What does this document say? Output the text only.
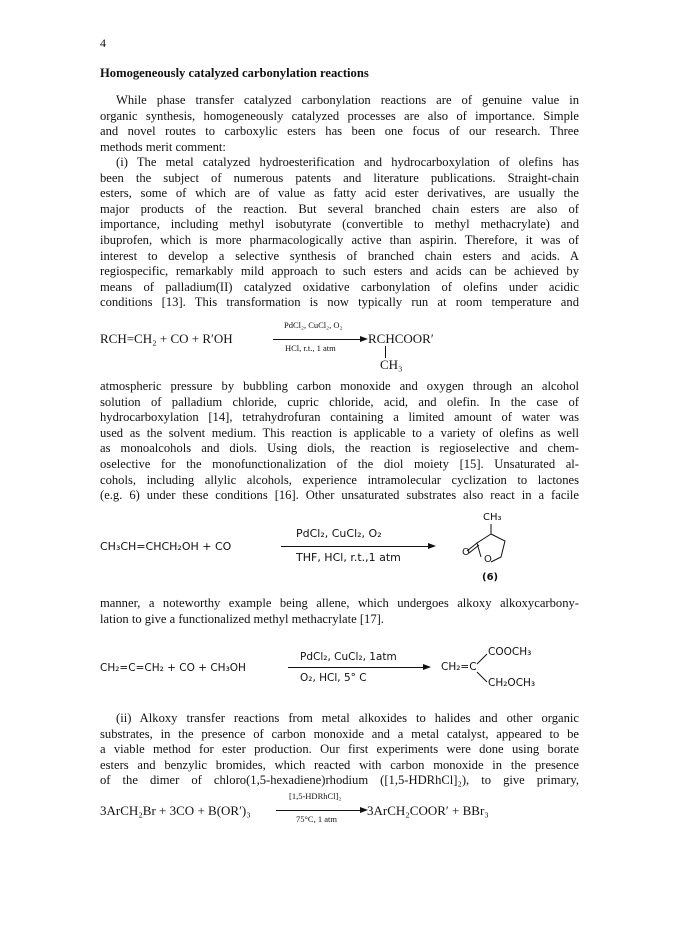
4
Homogeneously catalyzed carbonylation reactions
While phase transfer catalyzed carbonylation reactions are of genuine value in
organic synthesis, homogeneously catalyzed processes are also of importance. Simple
and novel routes to carboxylic esters has been one focus of our research. Three
methods merit comment:
(i) The metal catalyzed hydroesterification and hydrocarboxylation of olefins has
been the subject of numerous patents and literature publications. Straight-chain
esters, some of which are of value as fatty acid ester derivatives, are usually the
major products of the reaction. But several branched chain esters are also of
importance, including methyl isobutyrate (convertible to methyl methacrylate) and
ibuprofen, which is more pharmacologically active than aspirin. Therefore, it was of
interest to develop a selective synthesis of branched chain esters and acids. A
regiospecific, remarkably mild approach to such esters and acids can be achieved by
means of palladium(II) catalyzed oxidative carbonylation of olefins under acidic
conditions [13]. This transformation is now typically run at room temperature and
RCH=CH₂ + CO + R′OH
PdCl₂, CuCl₂, O₂
HCl, r.t., 1 atm
RCHCOOR′
CH₃
atmospheric pressure by bubbling carbon monoxide and oxygen through an alcohol
solution of palladium chloride, cupric chloride, acid, and olefin. In the case of
hydrocarboxylation [14], tetrahydrofuran containing a limited amount of water was
used as the solvent medium. This reaction is applicable to a variety of olefins as well
as monoalcohols and diols. Using diols, the reaction is regioselective and chem-
oselective for the monofunctionalization of the diol moiety [15]. Unsaturated al-
cohols, including allylic alcohols, experience intramolecular cyclization to lactones
(e.g. 6) under these conditions [16]. Other unsaturated substrates also react in a facile
CH₃CH=CHCH₂OH + CO
PdCl₂, CuCl₂, O₂
THF, HCl, r.t.,1 atm
CH₃
O
O
(6)
manner, a noteworthy example being allene, which undergoes alkoxy alkoxycarbony-
lation to give a functionalized methyl methacrylate [17].
CH₂=C=CH₂ + CO + CH₃OH
PdCl₂, CuCl₂, 1atm
O₂, HCl, 5° C
CH₂=C
COOCH₃
CH₂OCH₃
(ii) Alkoxy transfer reactions from metal alkoxides to halides and other organic
substrates, in the presence of carbon monoxide and a metal catalyst, appeared to be
a viable method for ester production. Our first experiments were done using borate
esters and benzylic bromides, which reacted with carbon monoxide in the presence
of the dimer of chloro(1,5-hexadiene)rhodium ([1,5-HDRhCl]₂), to give primary,
3ArCH₂Br + 3CO + B(OR′)₃
[1,5-HDRhCl]₂
75°C, 1 atm
3ArCH₂COOR′ + BBr₃
